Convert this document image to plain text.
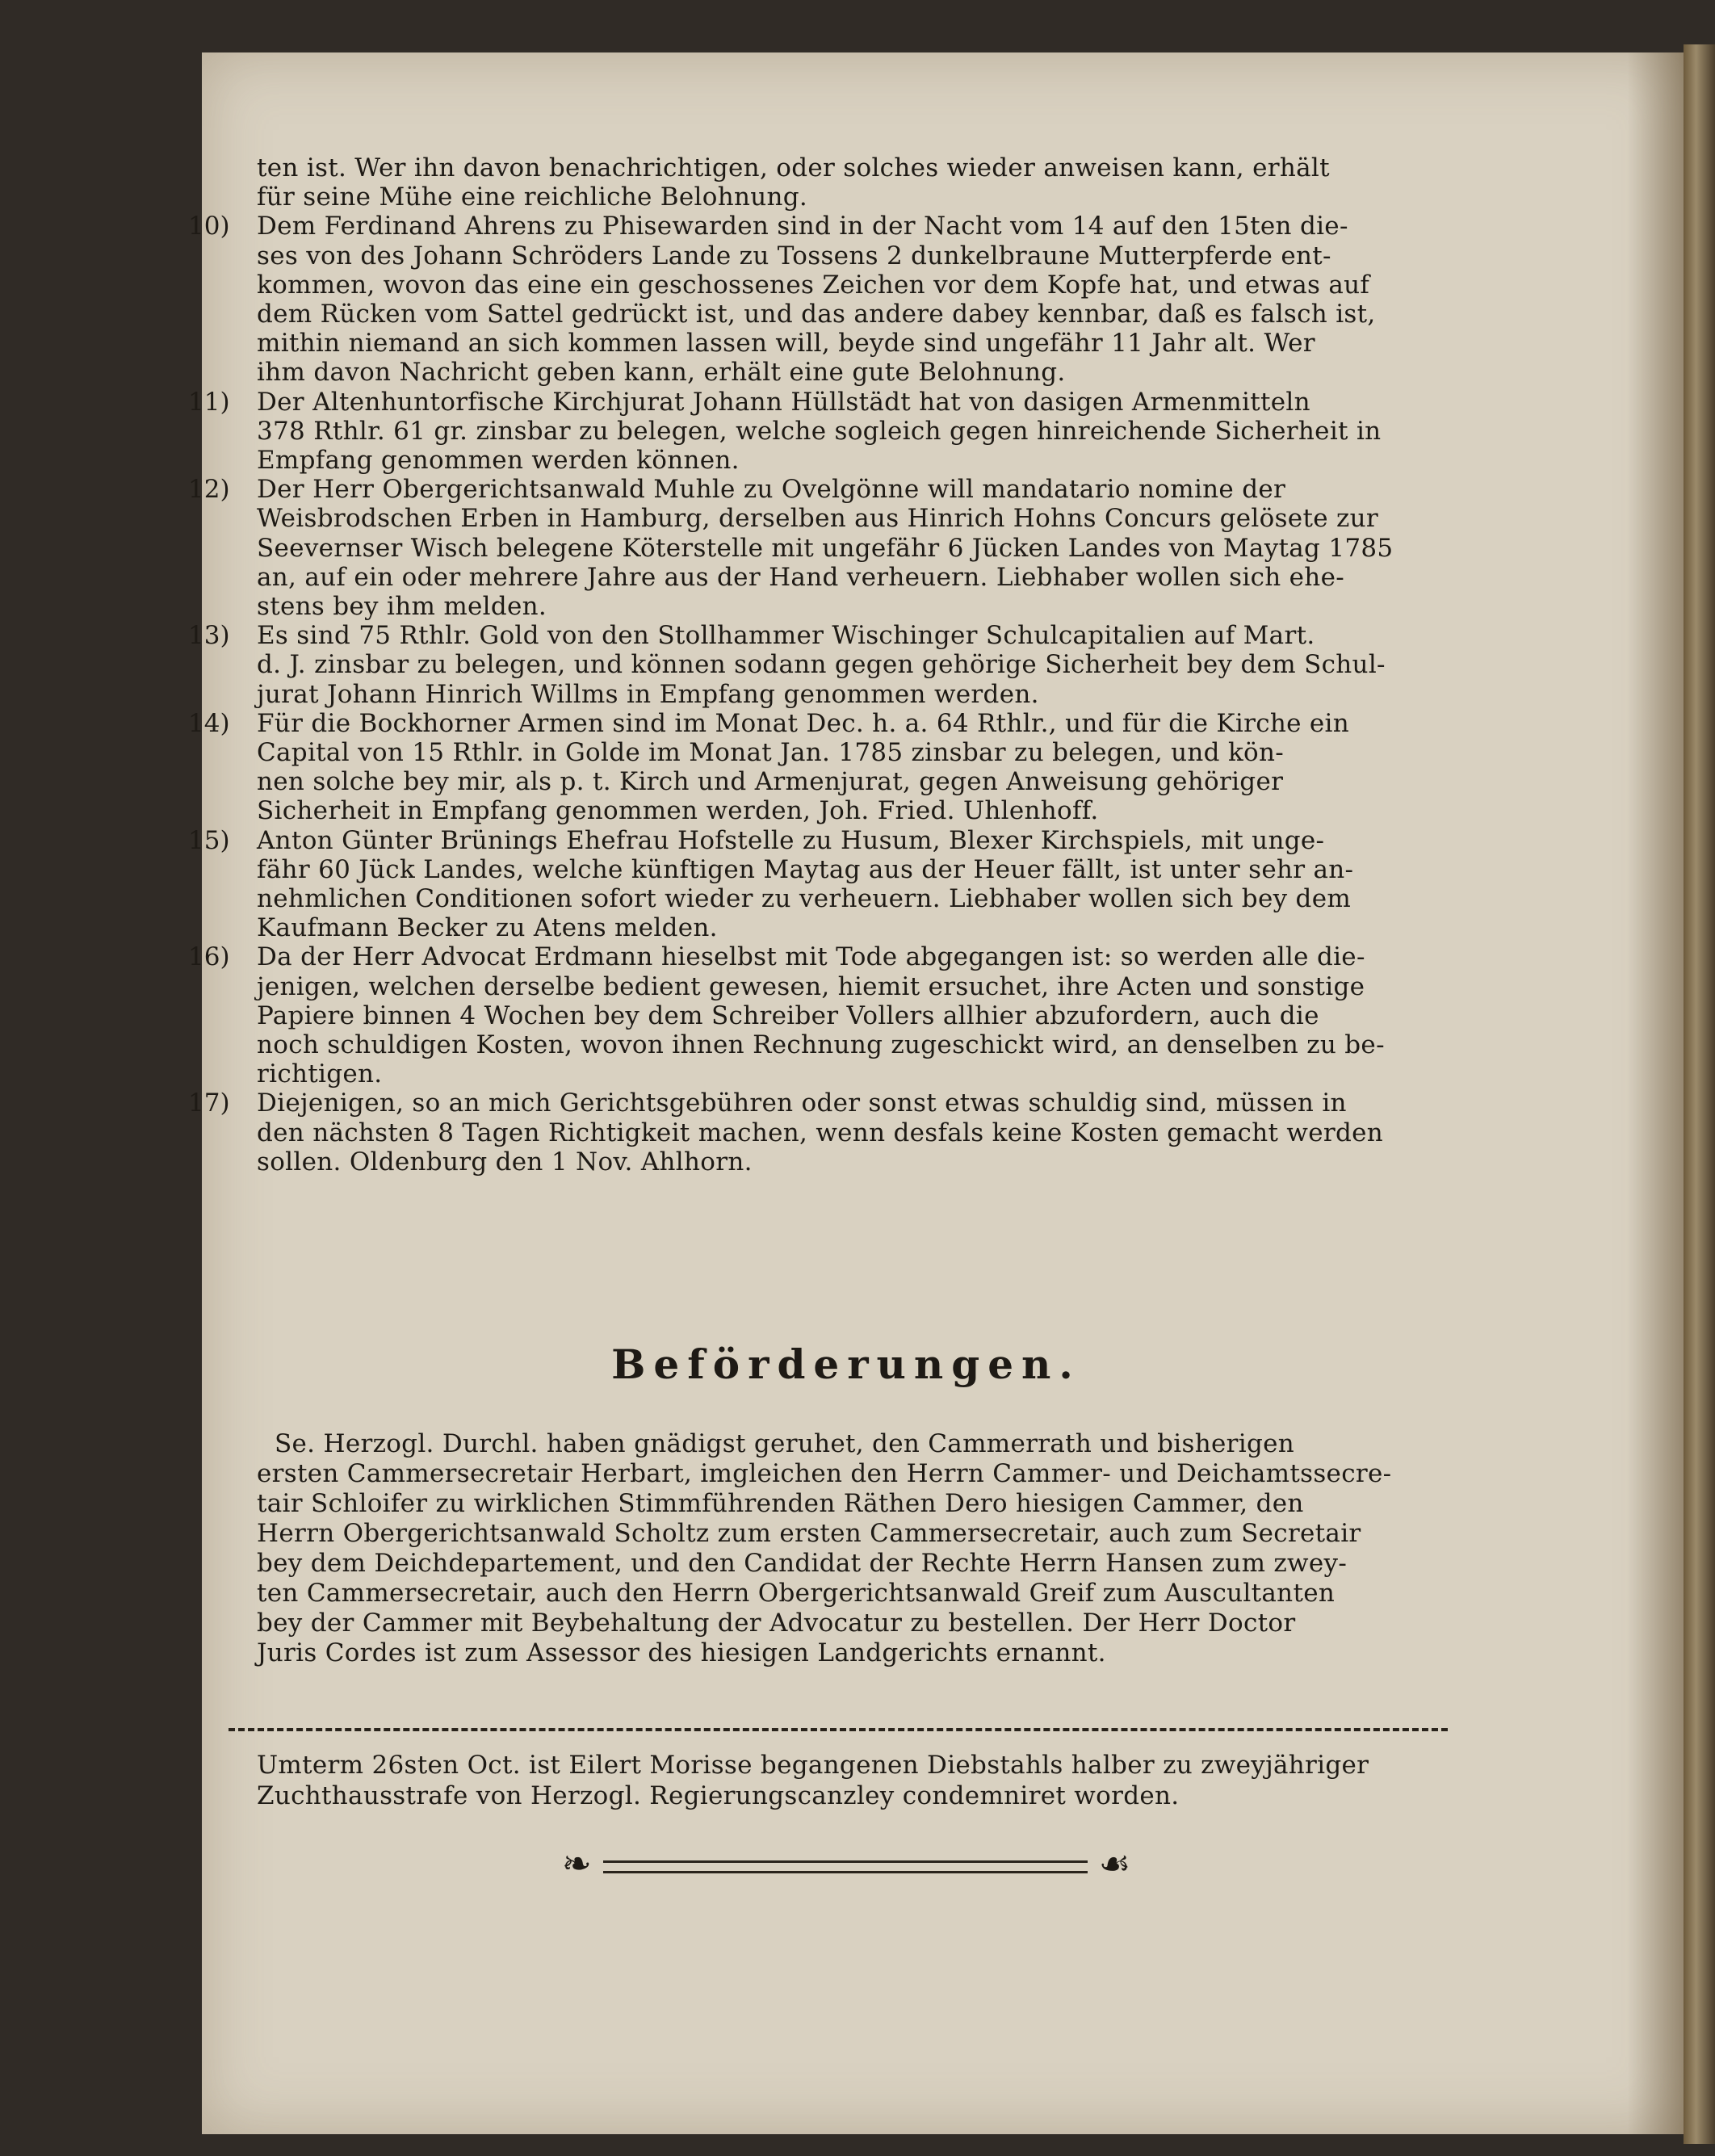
ten ist. Wer ihn davon benachrichtigen, oder solches wieder anweisen kann, erhält
für seine Mühe eine reichliche Belohnung.
10) Dem Ferdinand Ahrens zu Phisewarden sind in der Nacht vom 14 auf den 15ten die-
ses von des Johann Schröders Lande zu Tossens 2 dunkelbraune Mutterpferde ent-
kommen, wovon das eine ein geschossenes Zeichen vor dem Kopfe hat, und etwas auf
dem Rücken vom Sattel gedrückt ist, und das andere dabey kennbar, daß es falsch ist,
mithin niemand an sich kommen lassen will, beyde sind ungefähr 11 Jahr alt. Wer
ihm davon Nachricht geben kann, erhält eine gute Belohnung.
11) Der Altenhuntorfische Kirchjurat Johann Hüllstädt hat von dasigen Armenmitteln
378 Rthlr. 61 gr. zinsbar zu belegen, welche sogleich gegen hinreichende Sicherheit in
Empfang genommen werden können.
12) Der Herr Obergerichtsanwald Muhle zu Ovelgönne will mandatario nomine der
Weisbrodschen Erben in Hamburg, derselben aus Hinrich Hohns Concurs gelösete zur
Seevernser Wisch belegene Köterstelle mit ungefähr 6 Jücken Landes von Maytag 1785
an, auf ein oder mehrere Jahre aus der Hand verheuern. Liebhaber wollen sich ehe-
stens bey ihm melden.
13) Es sind 75 Rthlr. Gold von den Stollhammer Wischinger Schulcapitalien auf Mart.
d. J. zinsbar zu belegen, und können sodann gegen gehörige Sicherheit bey dem Schul-
jurat Johann Hinrich Willms in Empfang genommen werden.
14) Für die Bockhorner Armen sind im Monat Dec. h. a. 64 Rthlr., und für die Kirche ein
Capital von 15 Rthlr. in Golde im Monat Jan. 1785 zinsbar zu belegen, und kön-
nen solche bey mir, als p. t. Kirch und Armenjurat, gegen Anweisung gehöriger
Sicherheit in Empfang genommen werden, Joh. Fried. Uhlenhoff.
15) Anton Günter Brünings Ehefrau Hofstelle zu Husum, Blexer Kirchspiels, mit unge-
fähr 60 Jück Landes, welche künftigen Maytag aus der Heuer fällt, ist unter sehr an-
nehmlichen Conditionen sofort wieder zu verheuern. Liebhaber wollen sich bey dem
Kaufmann Becker zu Atens melden.
16) Da der Herr Advocat Erdmann hieselbst mit Tode abgegangen ist: so werden alle die-
jenigen, welchen derselbe bedient gewesen, hiemit ersuchet, ihre Acten und sonstige
Papiere binnen 4 Wochen bey dem Schreiber Vollers allhier abzufordern, auch die
noch schuldigen Kosten, wovon ihnen Rechnung zugeschickt wird, an denselben zu be-
richtigen.
17) Diejenigen, so an mich Gerichtsgebühren oder sonst etwas schuldig sind, müssen in
den nächsten 8 Tagen Richtigkeit machen, wenn desfals keine Kosten gemacht werden
sollen. Oldenburg den 1 Nov. Ahlhorn.
Beförderungen.
Se. Herzogl. Durchl. haben gnädigst geruhet, den Cammerrath und bisherigen
ersten Cammersecretair Herbart, imgleichen den Herrn Cammer- und Deichamtssecre-
tair Schloifer zu wirklichen Stimmführenden Räthen Dero hiesigen Cammer, den
Herrn Obergerichtsanwald Scholtz zum ersten Cammersecretair, auch zum Secretair
bey dem Deichdepartement, und den Candidat der Rechte Herrn Hansen zum zwey-
ten Cammersecretair, auch den Herrn Obergerichtsanwald Greif zum Auscultanten
bey der Cammer mit Beybehaltung der Advocatur zu bestellen. Der Herr Doctor
Juris Cordes ist zum Assessor des hiesigen Landgerichts ernannt.
Umterm 26sten Oct. ist Eilert Morisse begangenen Diebstahls halber zu zweyjähriger
Zuchthausstrafe von Herzogl. Regierungscanzley condemniret worden.
❧	☙
